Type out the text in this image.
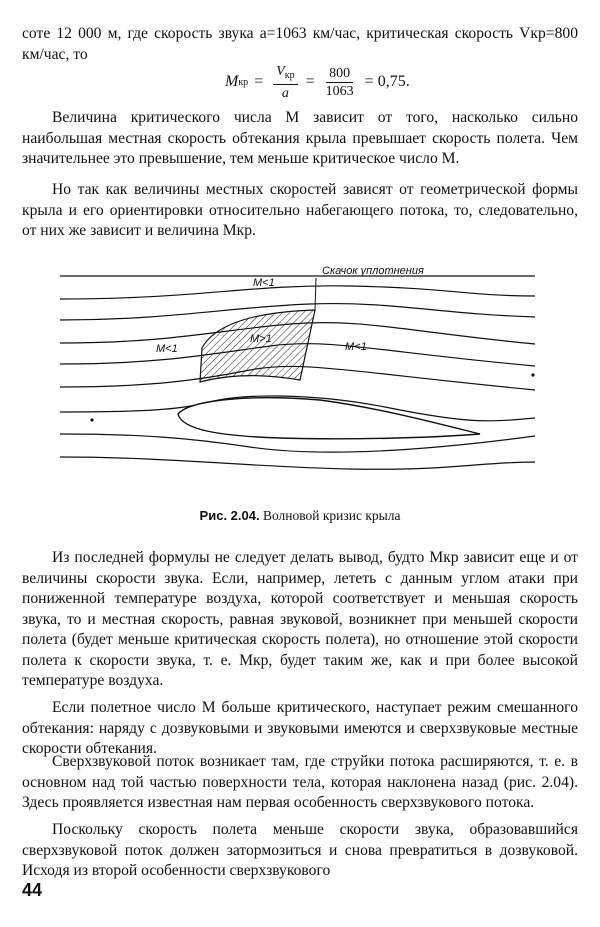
соте 12 000 м, где скорость звука a=1063 км/час, критическая скорость Vкр=800 км/час, то

M кр = $\frac{V_{кр}}{a} = \frac{800}{1063} = 0,75$.

Величина критического числа М зависит от того, насколько сильно наибольшая местная скорость обтекания крыла превышает скорость полета. Чем значительнее это превышение, тем меньше критическое число М.

Но так как величины местных скоростей зависят от геометрической формы крыла и его ориентировки относительно набегающего потока, то, следовательно, от них же зависит и величина Мкр.

M<1
Скачок уплотнения
M>1
M<1	M<1
Рис. 2.04. Волновой кризис крыла

Из последней формулы не следует делать вывод, будто Мкр зависит еще и от величины скорости звука. Если, например, лететь с данным углом атаки при пониженной температуре воздуха, которой соответствует и меньшая скорость звука, то и местная скорость, равная звуковой, возникнет при меньшей скорости полета (будет меньше критическая скорость полета), но отношение этой скорости полета к скорости звука, т. е. Мкр, будет таким же, как и при более высокой температуре воздуха.

Если полетное число М больше критического, наступает режим смешанного обтекания: наряду с дозвуковыми и звуковыми имеются и сверхзвуковые местные скорости обтекания.

Сверхзвуковой поток возникает там, где струйки потока расширяются, т. е. в основном над той частью поверхности тела, которая наклонена назад (рис. 2.04). Здесь проявляется известная нам первая особенность сверхзвукового потока.

Поскольку скорость полета меньше скорости звука, образовавшийся сверхзвуковой поток должен затормозиться и снова превратиться в дозвуковой. Исходя из второй особенности сверхзвукового

44
